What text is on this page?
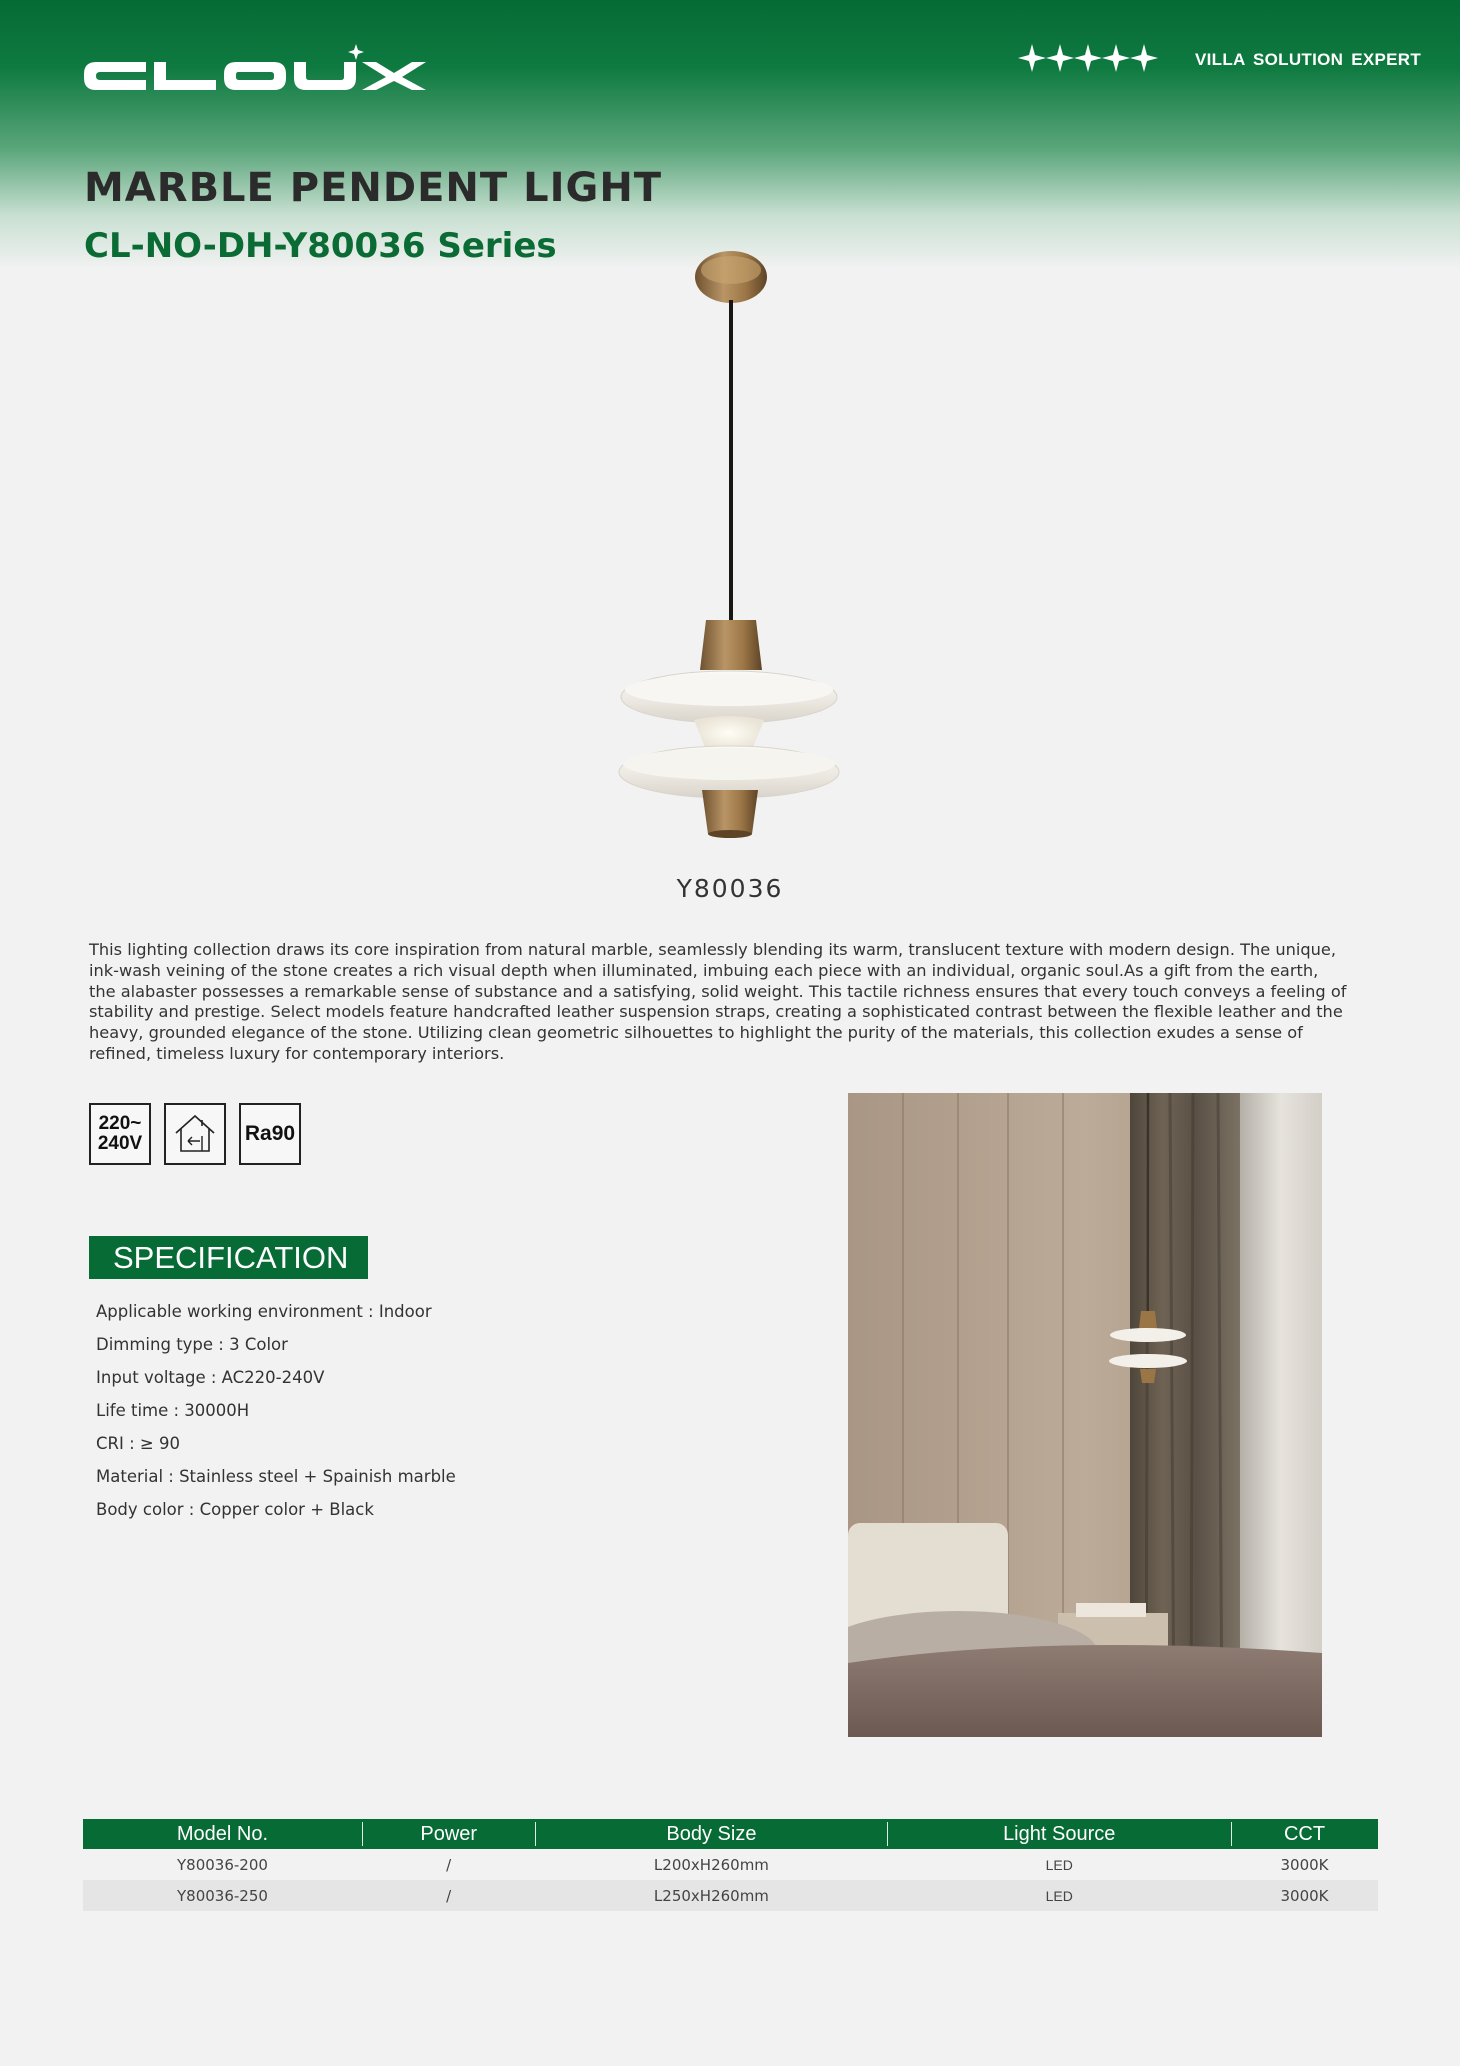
VILLA SOLUTION EXPERT
MARBLE PENDENT LIGHT
CL-NO-DH-Y80036 Series
Y80036

This lighting collection draws its core inspiration from natural marble, seamlessly blending its warm, translucent texture with modern design. The unique, ink-wash veining of the stone creates a rich visual depth when illuminated, imbuing each piece with an individual, organic soul.As a gift from the earth, the alabaster possesses a remarkable sense of substance and a satisfying, solid weight. This tactile richness ensures that every touch conveys a feeling of stability and prestige. Select models feature handcrafted leather suspension straps, creating a sophisticated contrast between the flexible leather and the heavy, grounded elegance of the stone. Utilizing clean geometric silhouettes to highlight the purity of the materials, this collection exudes a sense of refined, timeless luxury for contemporary interiors.

220~
240V	Ra90
SPECIFICATION
Applicable working environment : Indoor
Dimming type : 3 Color
Input voltage : AC220-240V
Life time : 30000H
CRI : ≥ 90
Material : Stainless steel + Spainish marble
Body color : Copper color + Black
Model No.	Power	Body Size	Light Source	CCT
Y80036-200	/	L200xH260mm	LED	3000K
Y80036-250	/	L250xH260mm	LED	3000K
